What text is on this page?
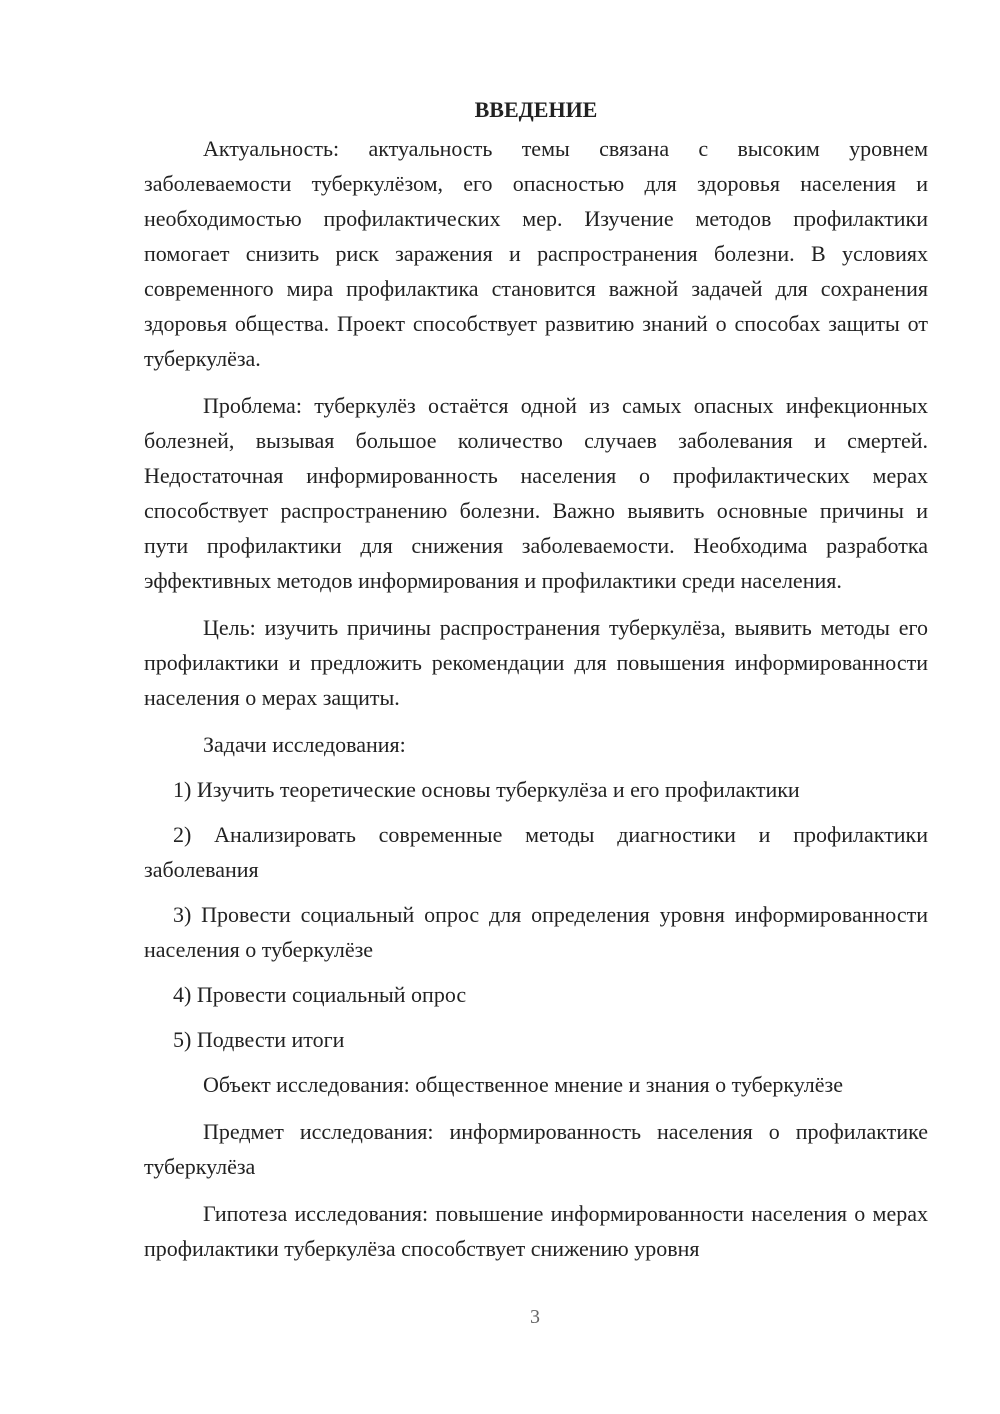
ВВЕДЕНИЕ

Актуальность: актуальность темы связана с высоким уровнем заболеваемости туберкулёзом, его опасностью для здоровья населения и необходимостью профилактических мер. Изучение методов профилактики помогает снизить риск заражения и распространения болезни. В условиях современного мира профилактика становится важной задачей для сохранения здоровья общества. Проект способствует развитию знаний о способах защиты от туберкулёза.

Проблема: туберкулёз остаётся одной из самых опасных инфекционных болезней, вызывая большое количество случаев заболевания и смертей. Недостаточная информированность населения о профилактических мерах способствует распространению болезни. Важно выявить основные причины и пути профилактики для снижения заболеваемости. Необходима разработка эффективных методов информирования и профилактики среди населения.

Цель: изучить причины распространения туберкулёза, выявить методы его профилактики и предложить рекомендации для повышения информированности населения о мерах защиты.

Задачи исследования:

1) Изучить теоретические основы туберкулёза и его профилактики

2) Анализировать современные методы диагностики и профилактики заболевания

3) Провести социальный опрос для определения уровня информированности населения о туберкулёзе

4) Провести социальный опрос

5) Подвести итоги

Объект исследования: общественное мнение и знания о туберкулёзе

Предмет исследования: информированность населения о профилактике туберкулёза

Гипотеза исследования: повышение информированности населения о мерах профилактики туберкулёза способствует снижению уровня

3
